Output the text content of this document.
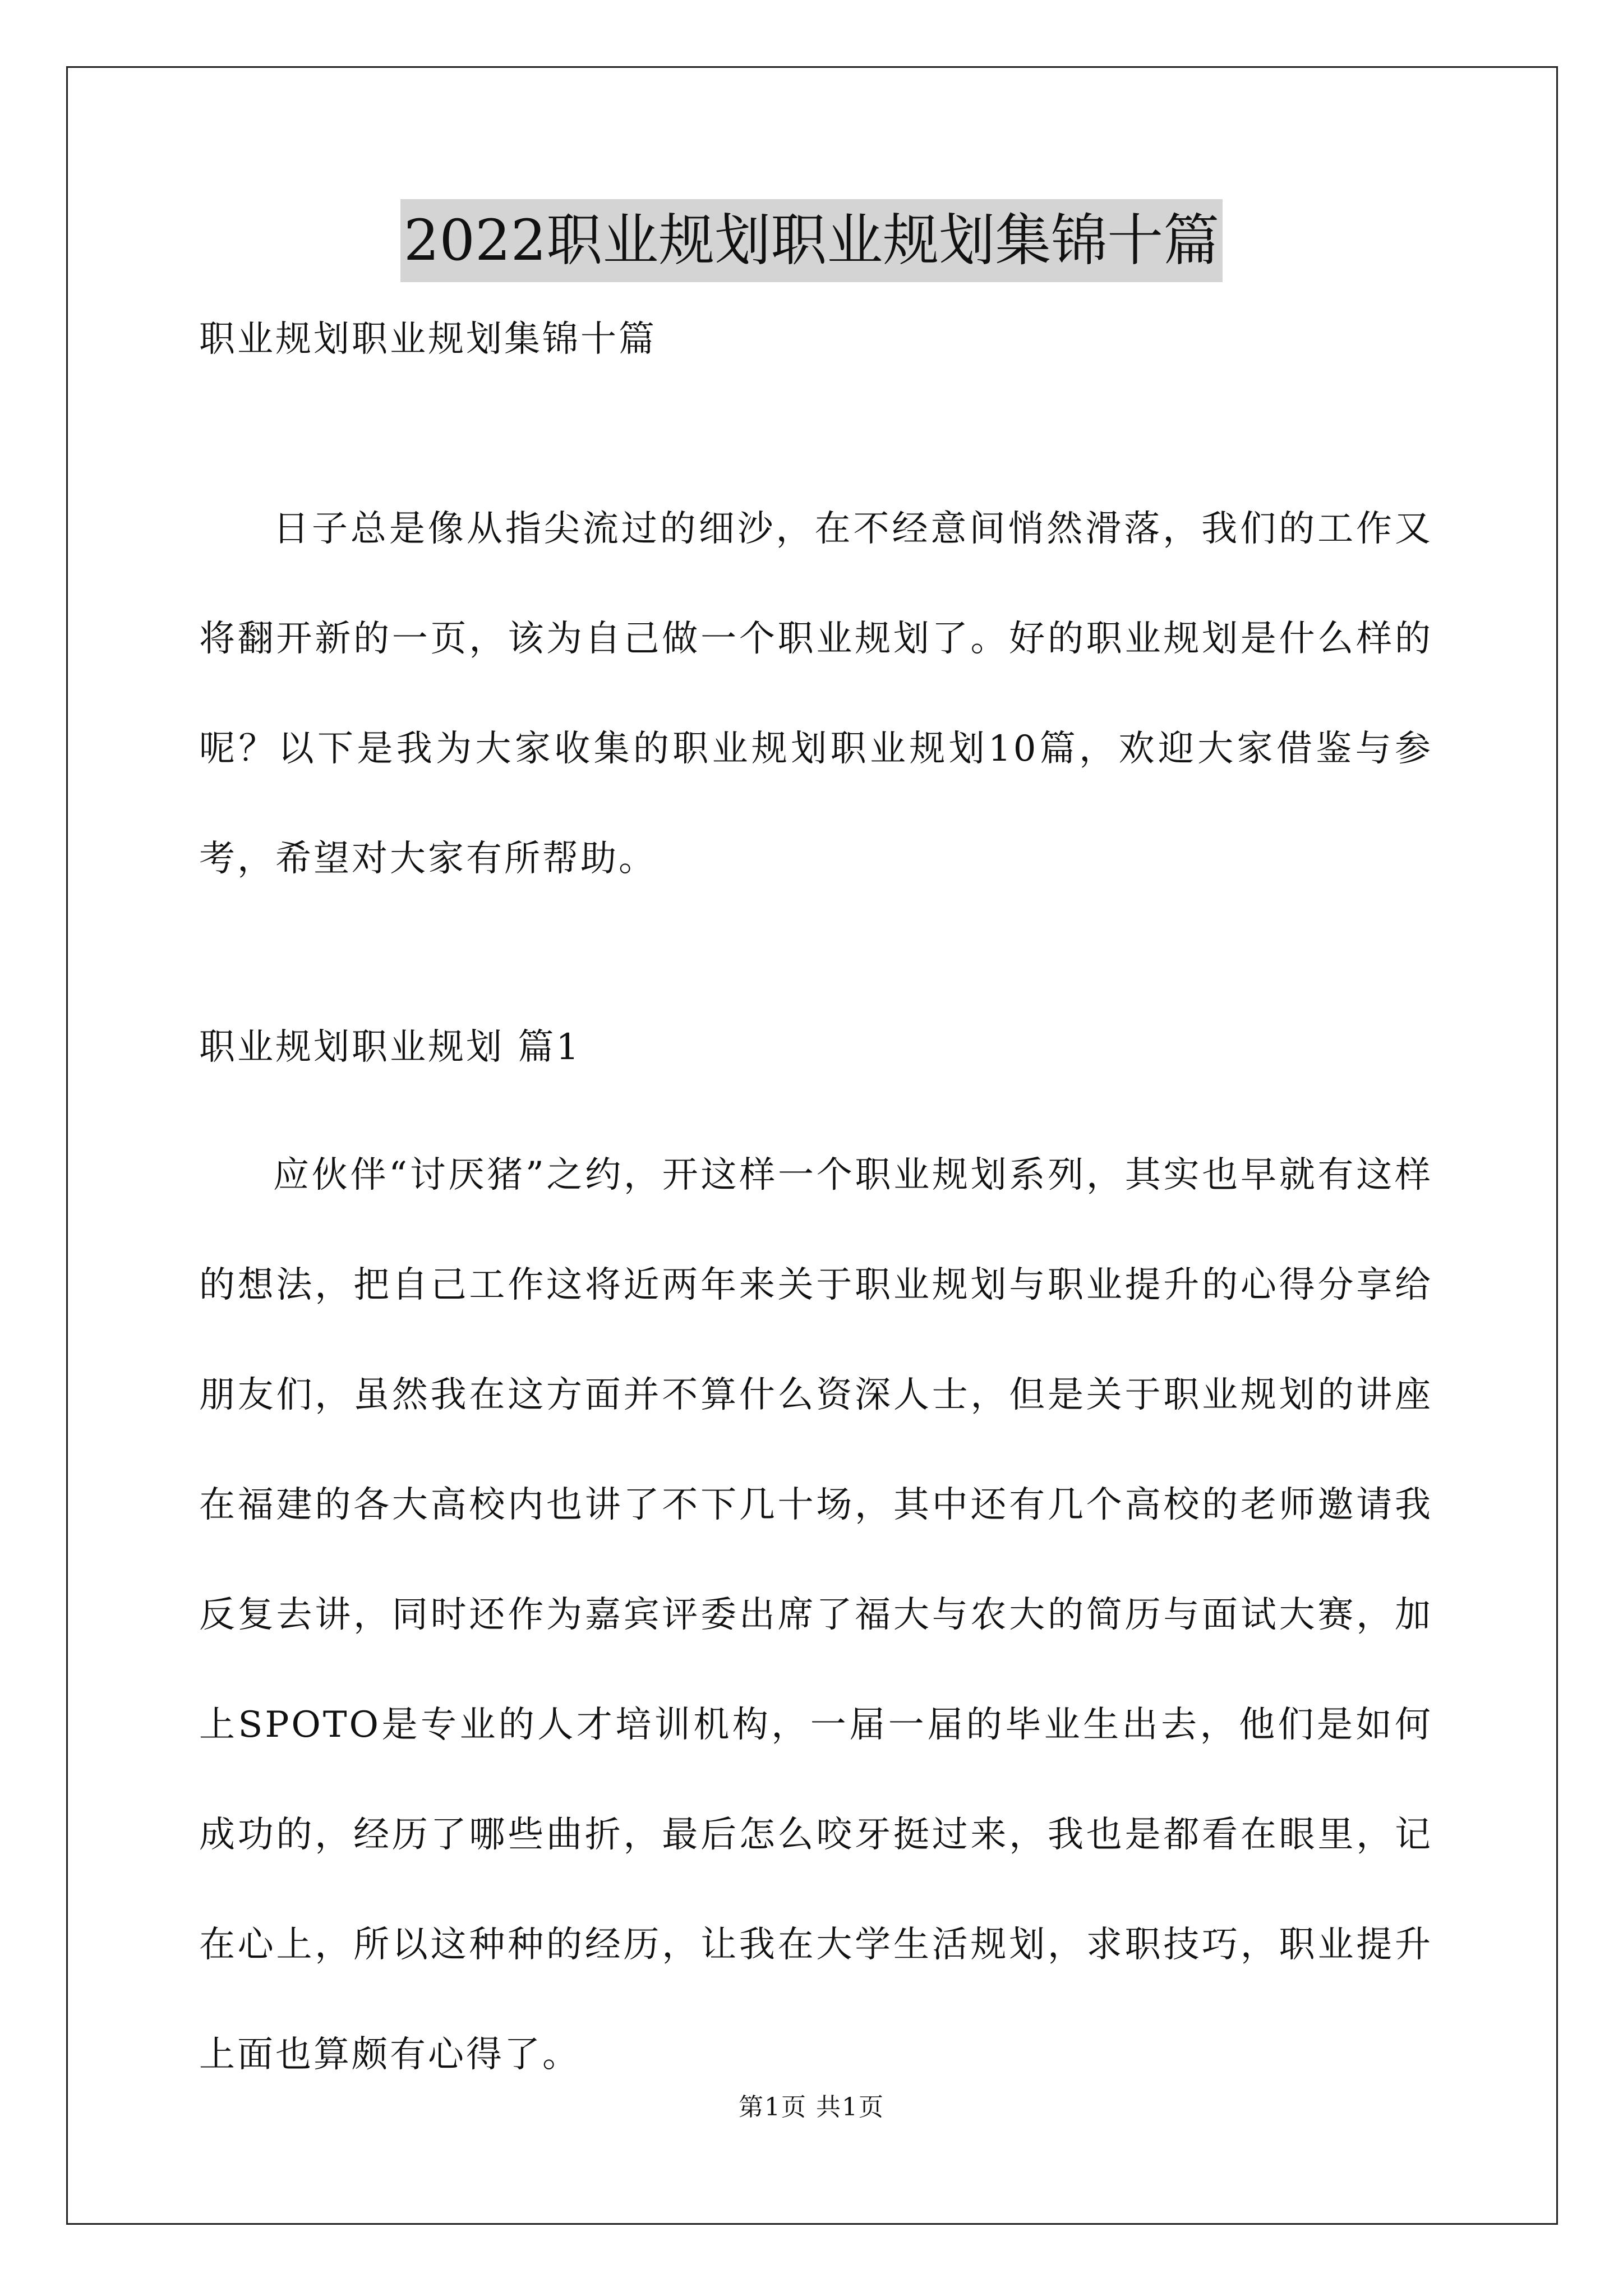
2022职业规划职业规划集锦十篇
职业规划职业规划集锦十篇

日子总是像从指尖流过的细沙，在不经意间悄然滑落，我们的工作又将翻开新的一页，该为自己做一个职业规划了。好的职业规划是什么样的呢？以下是我为大家收集的职业规划职业规划10篇，欢迎大家借鉴与参考，希望对大家有所帮助。

职业规划职业规划 篇1

应伙伴“讨厌猪”之约，开这样一个职业规划系列，其实也早就有这样的想法，把自己工作这将近两年来关于职业规划与职业提升的心得分享给朋友们，虽然我在这方面并不算什么资深人士，但是关于职业规划的讲座在福建的各大高校内也讲了不下几十场，其中还有几个高校的老师邀请我反复去讲，同时还作为嘉宾评委出席了福大与农大的简历与面试大赛，加上SPOTO是专业的人才培训机构，一届一届的毕业生出去，他们是如何成功的，经历了哪些曲折，最后怎么咬牙挺过来，我也是都看在眼里，记在心上，所以这种种的经历，让我在大学生活规划，求职技巧，职业提升上面也算颇有心得了。

第1页 共1页
